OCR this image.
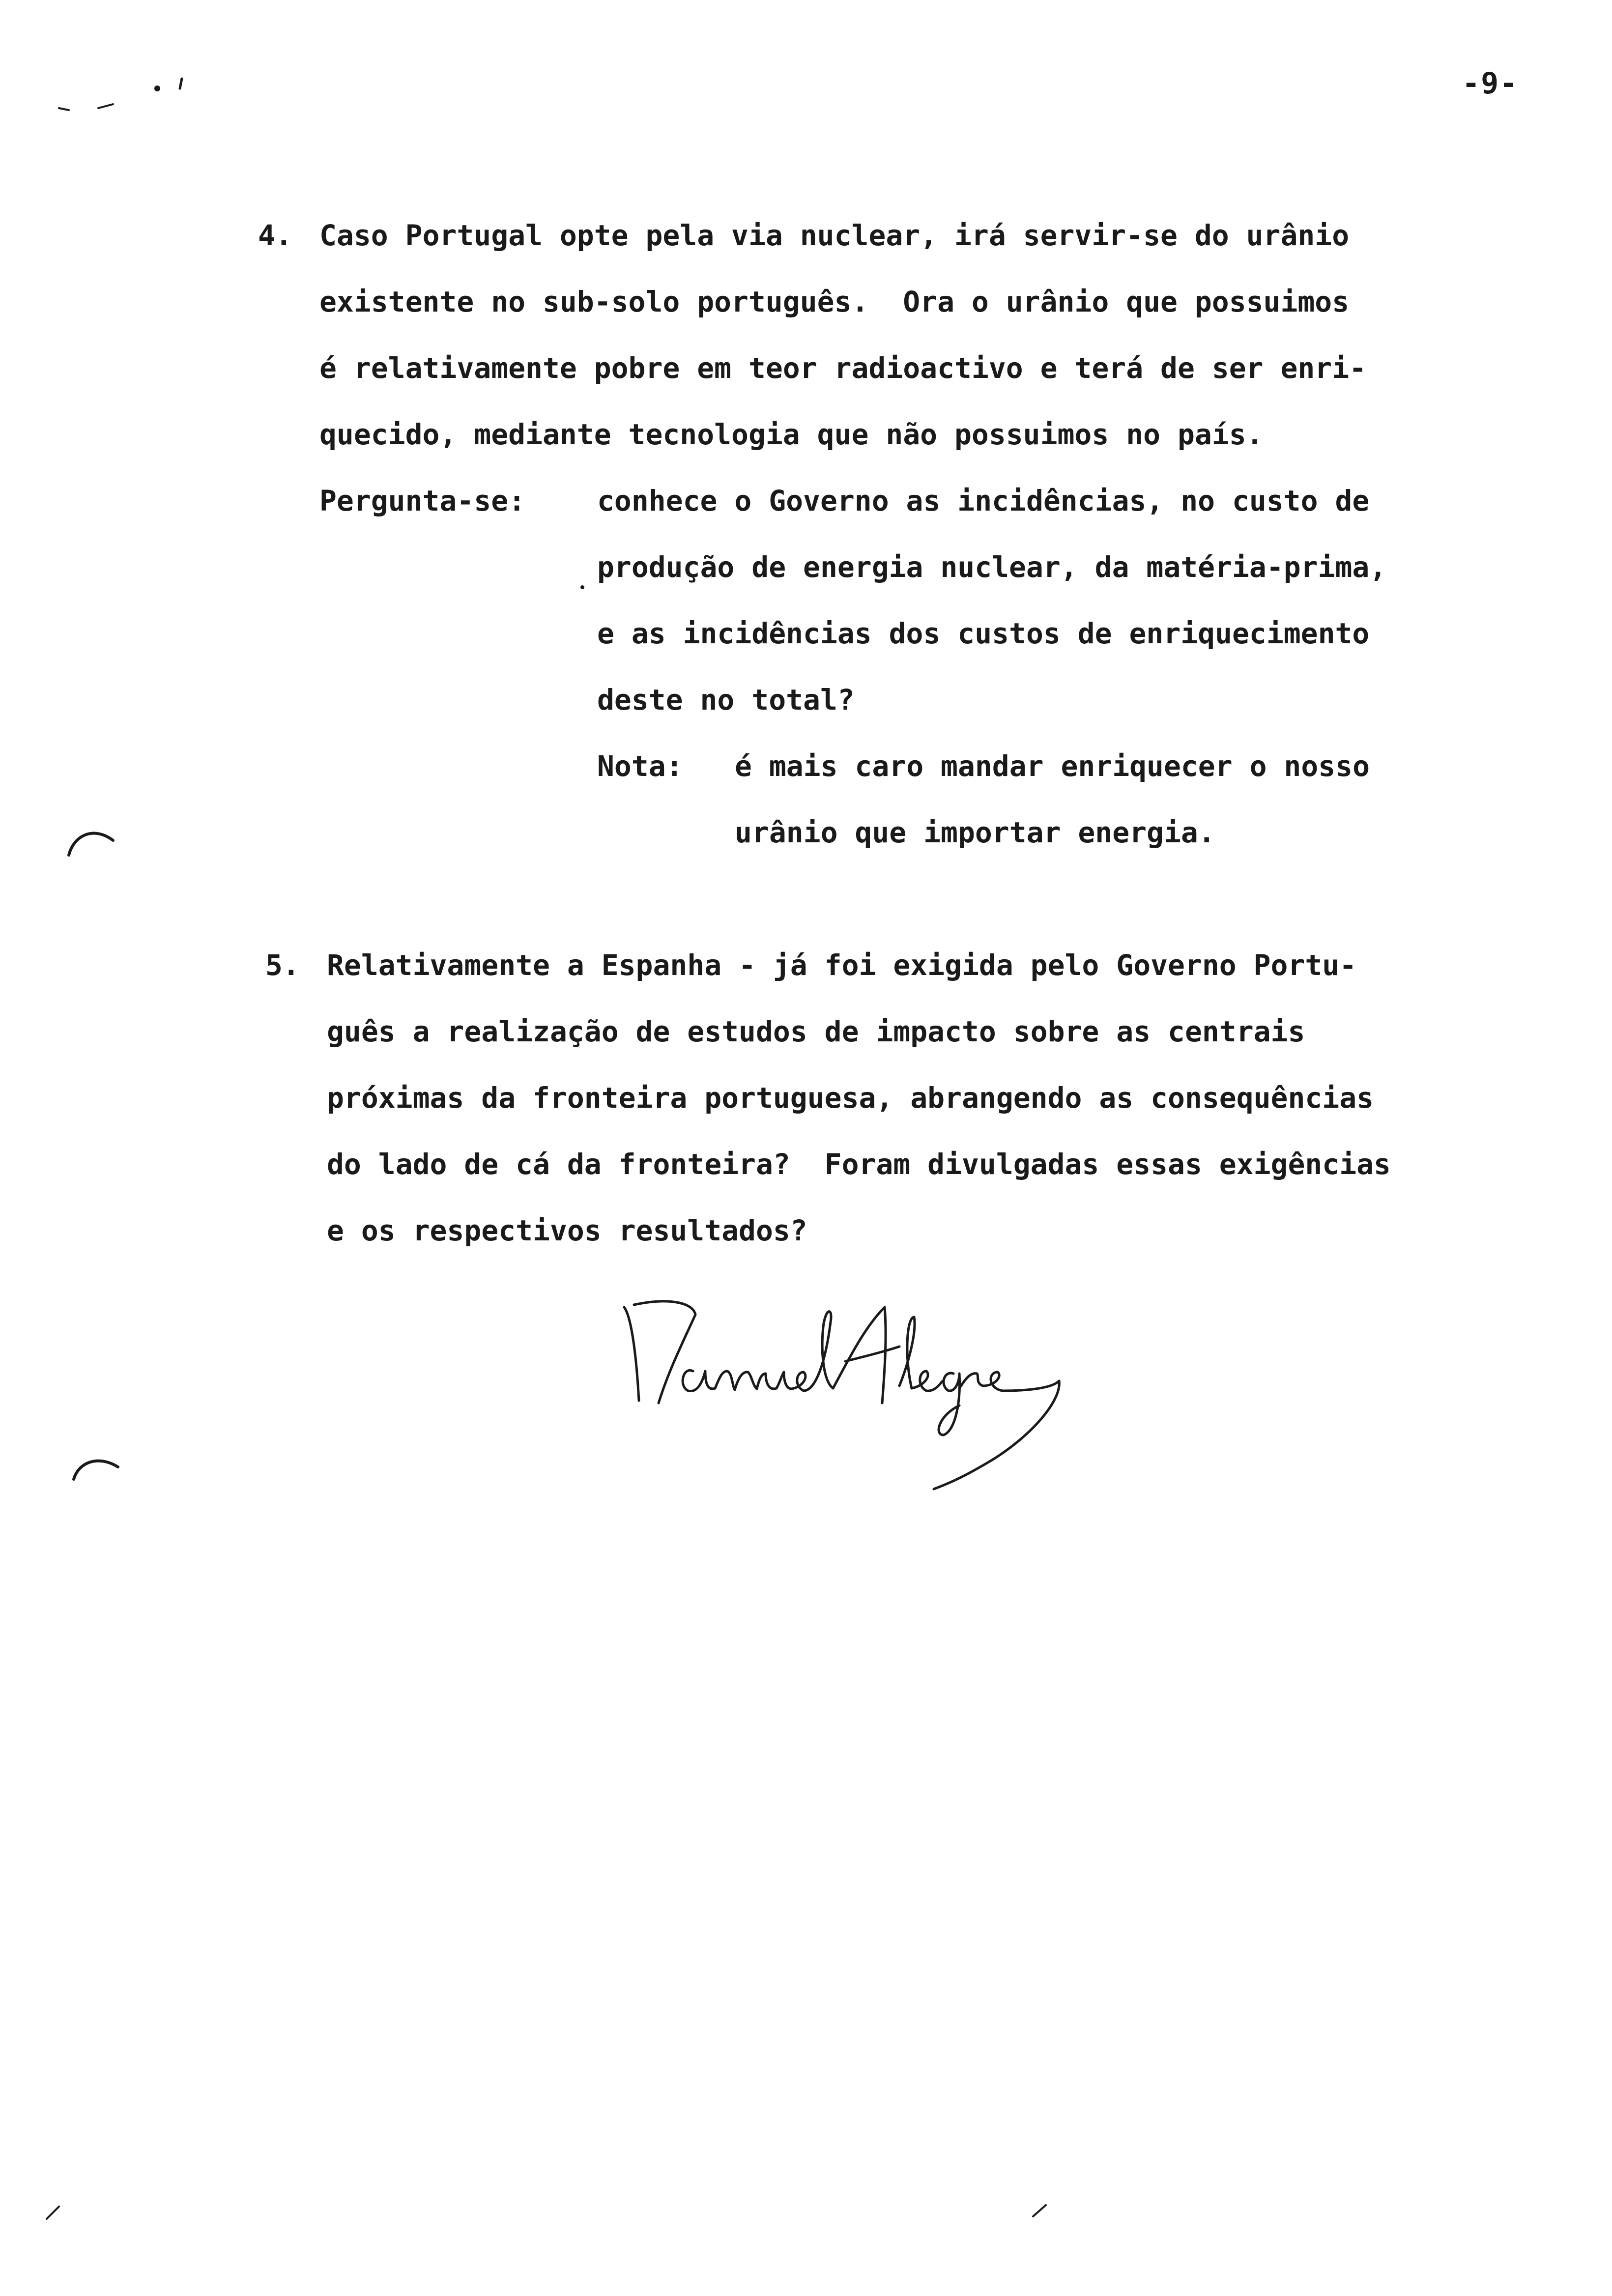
-9-
4. Caso Portugal opte pela via nuclear, irá servir-se do urânio
existente no sub-solo português.  Ora o urânio que possuimos
é relativamente pobre em teor radioactivo e terá de ser enri-
quecido, mediante tecnologia que não possuimos no país.
Pergunta-se:	conhece o Governo as incidências, no custo de
produção de energia nuclear, da matéria-prima,
e as incidências dos custos de enriquecimento
deste no total?
Nota: é mais caro mandar enriquecer o nosso
urânio que importar energia.
5. Relativamente a Espanha - já foi exigida pelo Governo Portu-
guês a realização de estudos de impacto sobre as centrais
próximas da fronteira portuguesa, abrangendo as consequências
do lado de cá da fronteira?  Foram divulgadas essas exigências
e os respectivos resultados?
